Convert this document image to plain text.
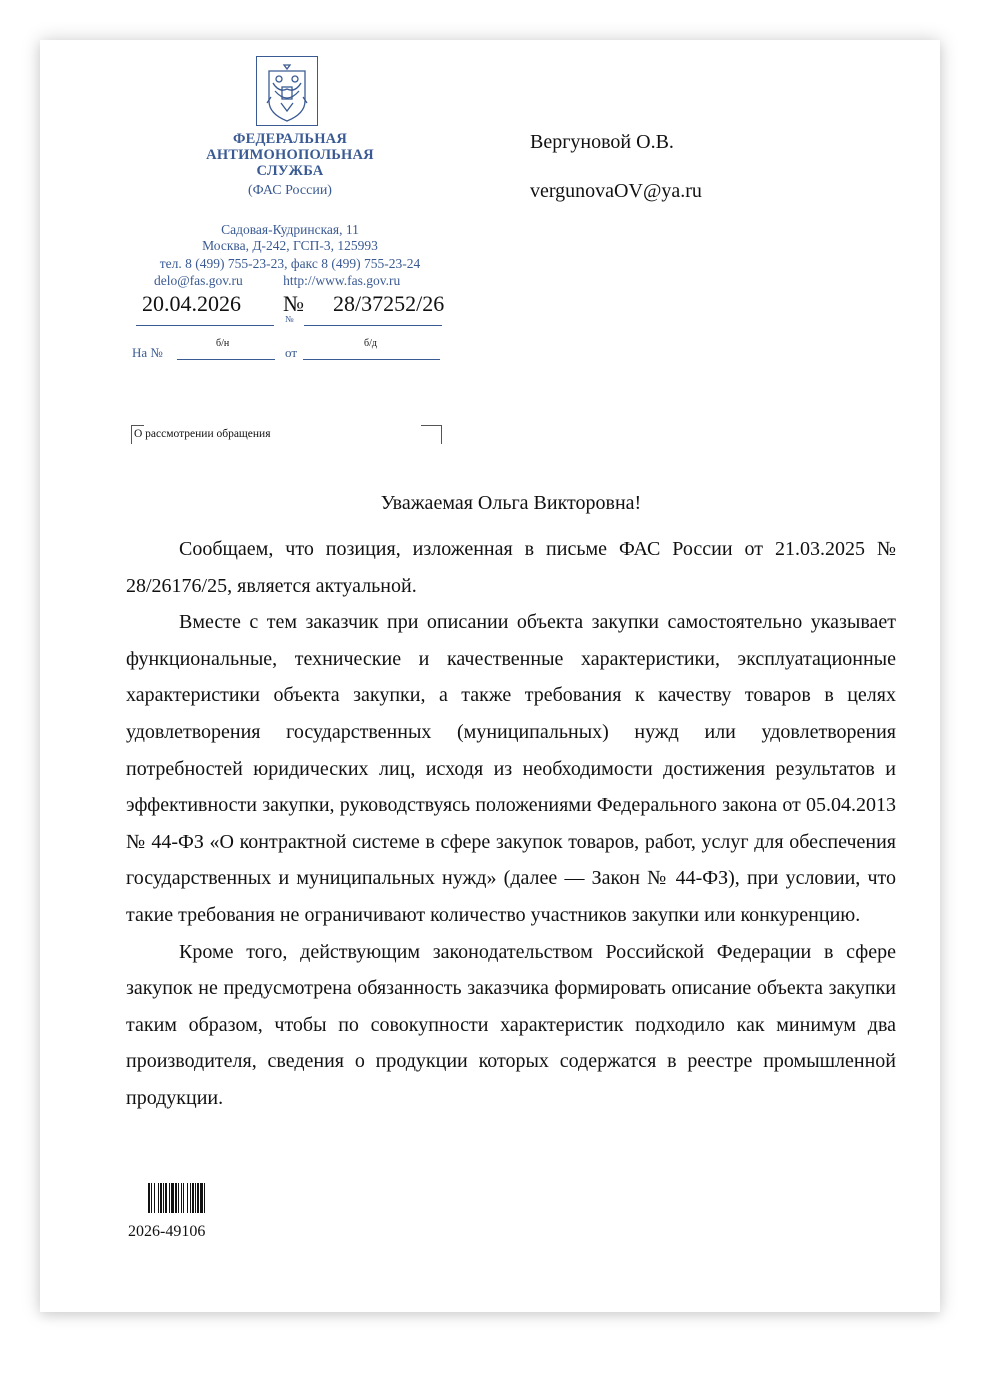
ФЕДЕРАЛЬНАЯ
АНТИМОНОПОЛЬНАЯ
СЛУЖБА
(ФАС России)
Садовая-Кудринская, 11
Москва, Д-242, ГСП-3, 125993
тел. 8 (499) 755-23-23, факс 8 (499) 755-23-24
delo@fas.gov.ru	http://www.fas.gov.ru
20.04.2026 №
№
28/37252/26
На №
б/н
от
б/д
О рассмотрении обращения
Вергуновой О.В.
vergunovaOV@ya.ru
Уважаемая Ольга Викторовна!

Сообщаем, что позиция, изложенная в письме ФАС России от 21.03.2025 № 28/26176/25, является актуальной.

Вместе с тем заказчик при описании объекта закупки самостоятельно указывает функциональные, технические и качественные характеристики, эксплуатационные характеристики объекта закупки, а также требования к качеству товаров в целях удовлетворения государственных (муниципальных) нужд или удовлетворения потребностей юридических лиц, исходя из необходимости достижения результатов и эффективности закупки, руководствуясь положениями Федерального закона от 05.04.2013 № 44-ФЗ «О контрактной системе в сфере закупок товаров, работ, услуг для обеспечения государственных и муниципальных нужд» (далее — Закон № 44-ФЗ), при условии, что такие требования не ограничивают количество участников закупки или конкуренцию.

Кроме того, действующим законодательством Российской Федерации в сфере закупок не предусмотрена обязанность заказчика формировать описание объекта закупки таким образом, чтобы по совокупности характеристик подходило как минимум два производителя, сведения о продукции которых содержатся в реестре промышленной продукции.

2026-49106
